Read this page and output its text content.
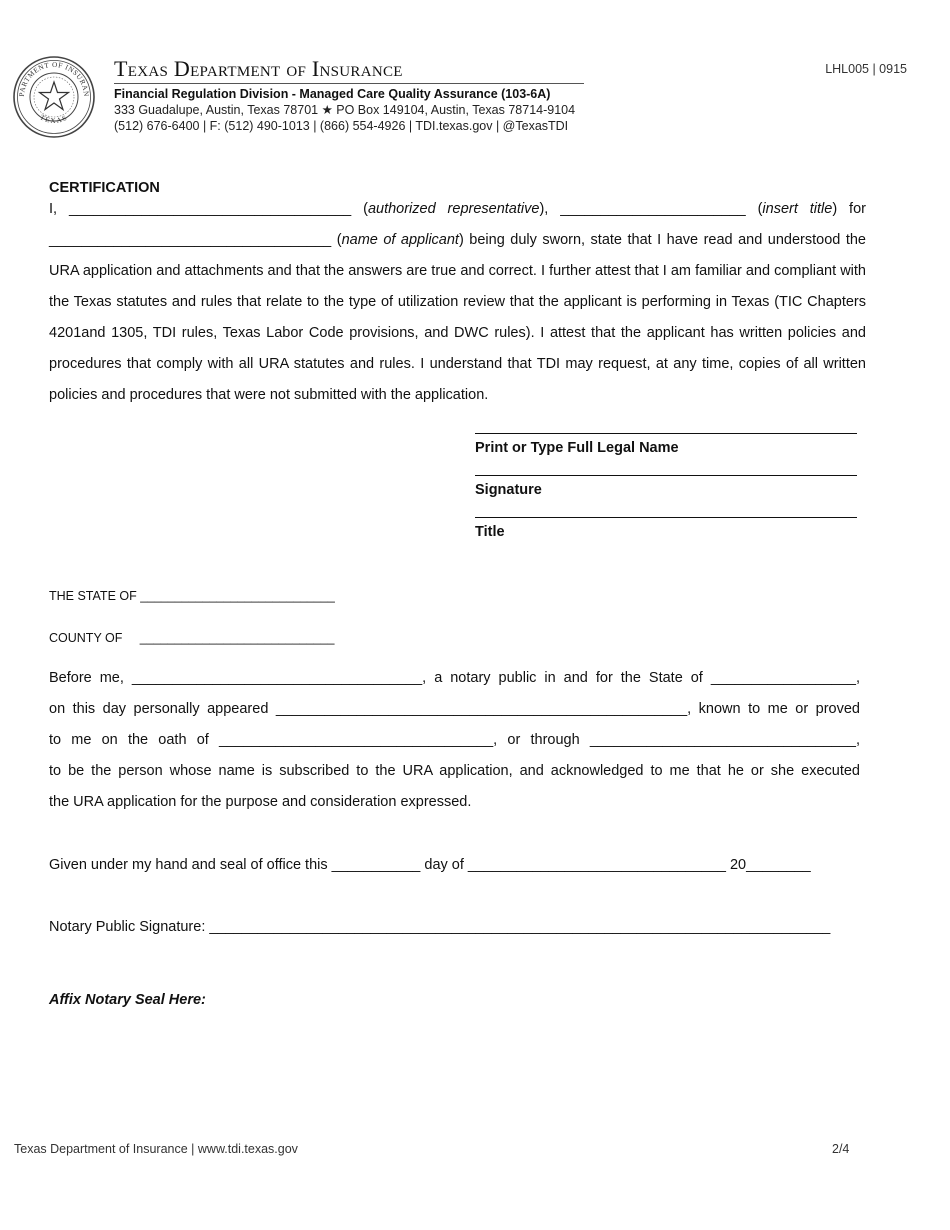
PARTMENT OF INSURAN
TEXAS
Texas Department of Insurance
Financial Regulation Division - Managed Care Quality Assurance (103-6A)
333 Guadalupe, Austin, Texas 78701 ★ PO Box 149104, Austin, Texas 78714-9104
(512) 676-6400 | F: (512) 490-1013 | (866) 554-4926 | TDI.texas.gov | @TexasTDI
LHL005 | 0915
CERTIFICATION

I, ___________________________________ (authorized representative), _______________________ (insert title) for ___________________________________ (name of applicant) being duly sworn, state that I have read and understood the URA application and attachments and that the answers are true and correct. I further attest that I am familiar and compliant with the Texas statutes and rules that relate to the type of utilization review that the applicant is performing in Texas (TIC Chapters 4201and 1305, TDI rules, Texas Labor Code provisions, and DWC rules). I attest that the applicant has written policies and procedures that comply with all URA statutes and rules. I understand that TDI may request, at any time, copies of all written policies and procedures that were not submitted with the application.

Print or Type Full Legal Name
Signature
Title
THE STATE OF ____________________________
COUNTY OF     ____________________________
Before me, ____________________________________, a notary public in and for the State of __________________,
on this day personally appeared ___________________________________________________, known to me or proved
to me on the oath of __________________________________, or through _________________________________,
to be the person whose name is subscribed to the URA application, and acknowledged to me that he or she executed
the URA application for the purpose and consideration expressed.
Given under my hand and seal of office this ___________ day of ________________________________ 20________
Notary Public Signature: _____________________________________________________________________________
Affix Notary Seal Here:
Texas Department of Insurance | www.tdi.texas.gov	2/4
